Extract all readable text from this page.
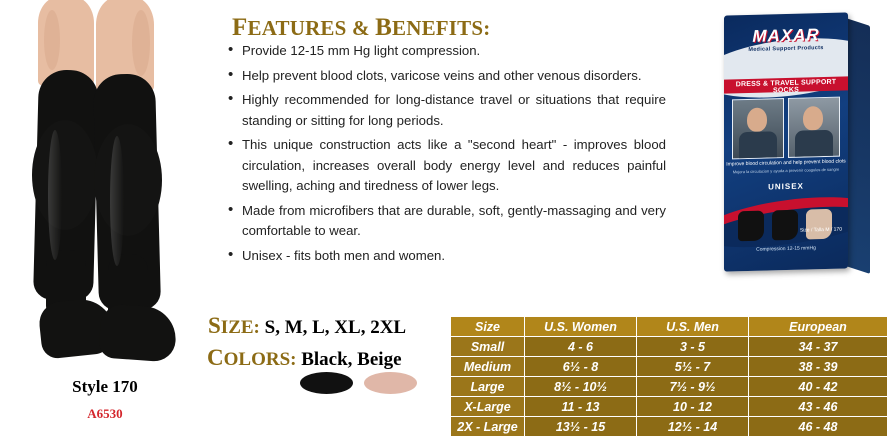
Style 170
A6530
FEATURES & BENEFITS:
• Provide 12-15 mm Hg light compression.
• Help prevent blood clots, varicose veins and other venous disorders.
• Highly recommended for long-distance travel or situations that require standing or sitting for long periods.
• This unique construction acts like a "second heart" - improves blood circulation, increases overall body energy level and reduces painful swelling, aching and tiredness of lower legs.
• Made from microfibers that are durable, soft, gently-massaging and very comfortable to wear.
• Unisex - fits both men and women.
SIZE: S, M, L, XL, 2XL
COLORS: Black, Beige
Size	U.S. Women	U.S. Men	European
Small	4 - 6	3 - 5	34 - 37
Medium	6½ - 8	5½ - 7	38 - 39
Large	8½ - 10½	7½ - 9½	40 - 42
X-Large	11 - 13	10 - 12	43 - 46
2X - Large	13½ - 15	12½ - 14	46 - 48
MAXAR
Medical Support Products
DRESS & TRAVEL SUPPORT SOCKS
Improve blood circulation and help prevent blood clots
Mejora la circulacion y ayuda a prevenir coagulos de sangre
UNISEX
Size / Talla M / 170
Compression 12-15 mmHg
